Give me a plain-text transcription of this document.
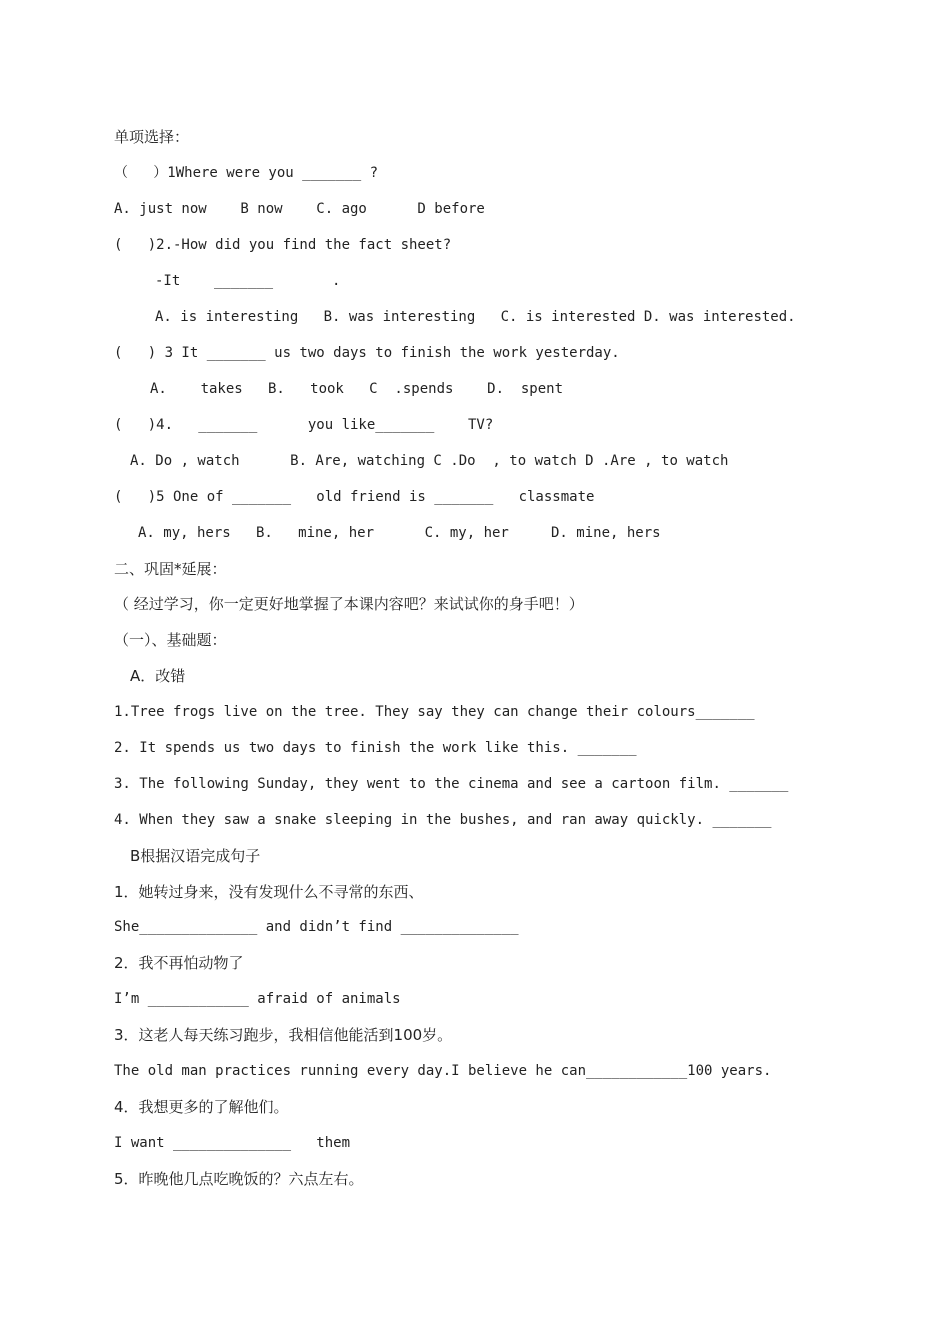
单项选择：
（   ）1Where were you _______ ?
A. just now    B now    C. ago      D before
(   )2.-How did you find the fact sheet?
-It    _______       .
A. is interesting   B. was interesting   C. is interested D. was interested.
(   ) 3 It _______ us two days to finish the work yesterday.
A.    takes   B.   took   C  .spends    D.  spent
(   )4.   _______      you like_______    TV?
A. Do , watch      B. Are, watching C .Do  , to watch D .Are , to watch
(   )5 One of _______   old friend is _______   classmate
A. my, hers   B.   mine, her      C. my, her     D. mine, hers
二、巩固*延展：
（ 经过学习，你一定更好地掌握了本课内容吧？来试试你的身手吧！）
（一）、基础题：
A．改错
1.Tree frogs live on the tree. They say they can change their colours_______
2. It spends us two days to finish the work like this. _______
3. The following Sunday, they went to the cinema and see a cartoon film. _______
4. When they saw a snake sleeping in the bushes, and ran away quickly. _______
B根据汉语完成句子
1．她转过身来，没有发现什么不寻常的东西、
She______________ and didn’t find ______________
2．我不再怕动物了
I’m ____________ afraid of animals
3．这老人每天练习跑步，我相信他能活到100岁。
The old man practices running every day.I believe he can____________100 years.
4．我想更多的了解他们。
I want ______________   them
5．昨晚他几点吃晚饭的？六点左右。
